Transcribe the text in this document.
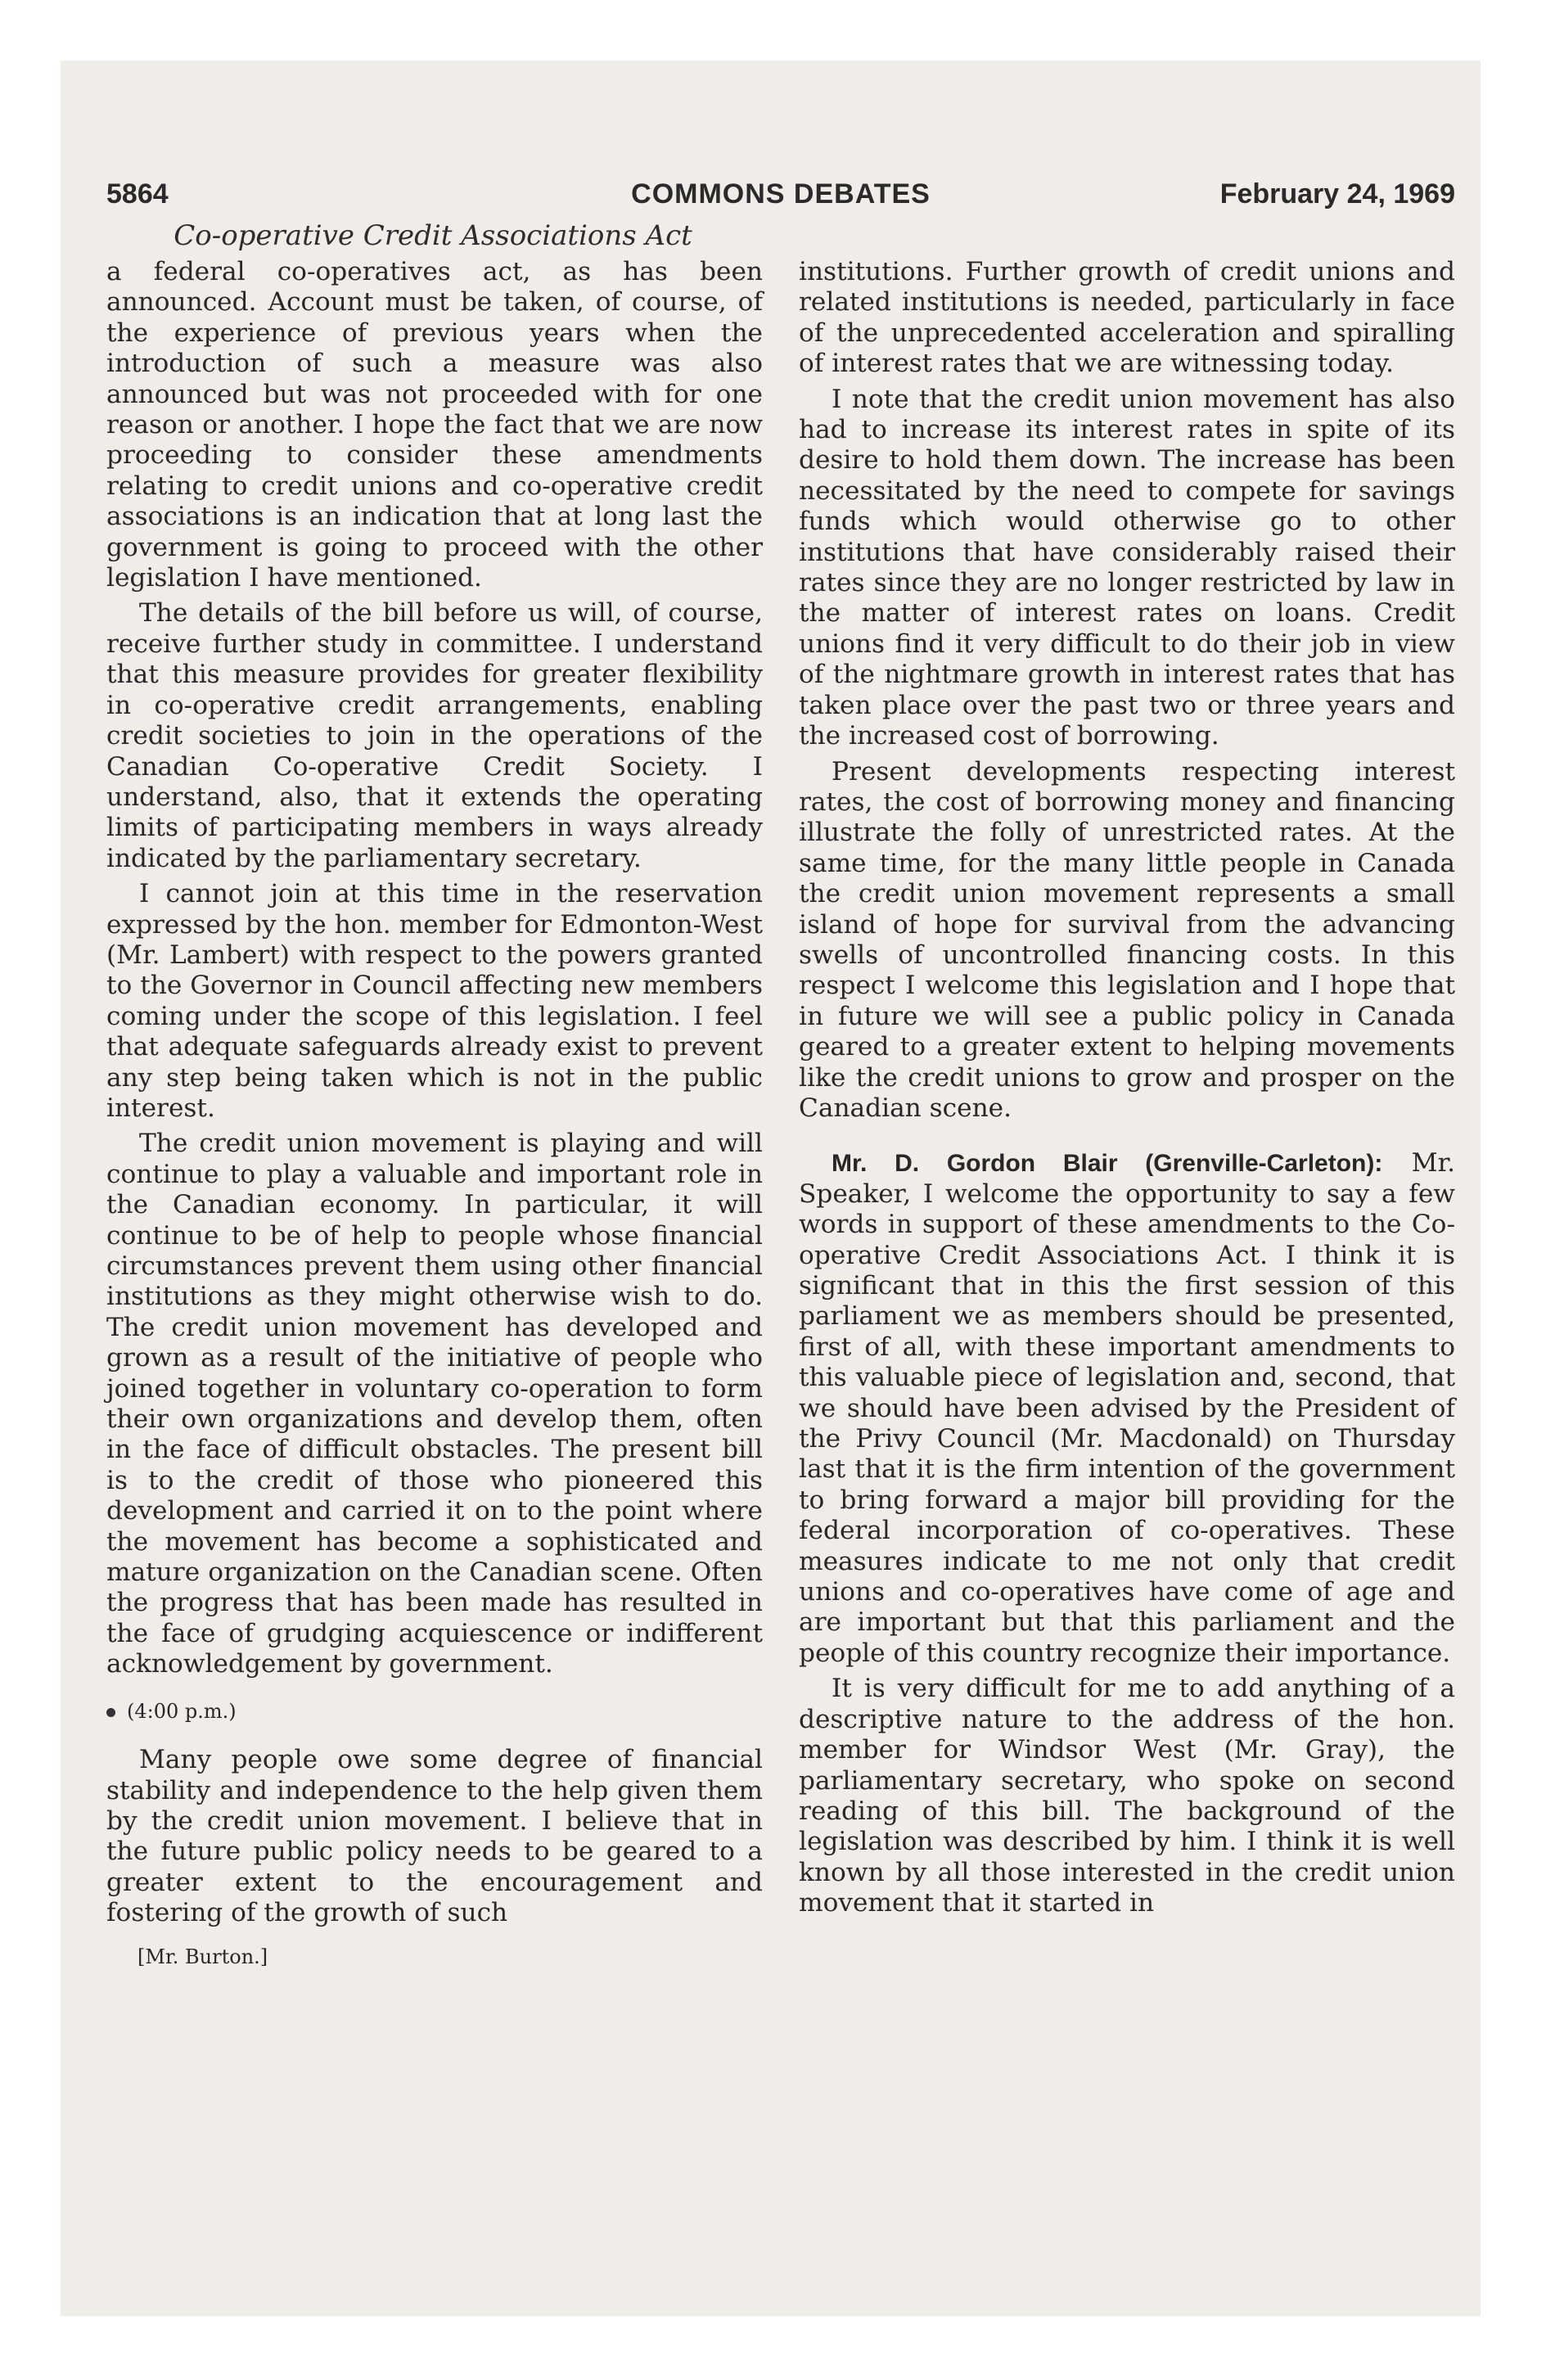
5864	COMMONS DEBATES	February 24, 1969
Co-operative Credit Associations Act

a federal co-operatives act, as has been announced. Account must be taken, of course, of the experience of previous years when the introduction of such a measure was also announced but was not proceeded with for one reason or another. I hope the fact that we are now proceeding to consider these amendments relating to credit unions and co-operative credit associations is an indication that at long last the government is going to proceed with the other legislation I have mentioned.

The details of the bill before us will, of course, receive further study in committee. I understand that this measure provides for greater flexibility in co-operative credit arrangements, enabling credit societies to join in the operations of the Canadian Co-operative Credit Society. I understand, also, that it extends the operating limits of participating members in ways already indicated by the parliamentary secretary.

I cannot join at this time in the reservation expressed by the hon. member for Edmonton-West (Mr. Lambert) with respect to the powers granted to the Governor in Council affecting new members coming under the scope of this legislation. I feel that adequate safeguards already exist to prevent any step being taken which is not in the public interest.

The credit union movement is playing and will continue to play a valuable and important role in the Canadian economy. In particular, it will continue to be of help to people whose financial circumstances prevent them using other financial institutions as they might otherwise wish to do. The credit union movement has developed and grown as a result of the initiative of people who joined together in voluntary co-operation to form their own organizations and develop them, often in the face of difficult obstacles. The present bill is to the credit of those who pioneered this development and carried it on to the point where the movement has become a sophisticated and mature organization on the Canadian scene. Often the progress that has been made has resulted in the face of grudging acquiescence or indifferent acknowledgement by government.

(4:00 p.m.)

Many people owe some degree of financial stability and independence to the help given them by the credit union movement. I believe that in the future public policy needs to be geared to a greater extent to the encouragement and fostering of the growth of such

[Mr. Burton.]

institutions. Further growth of credit unions and related institutions is needed, particularly in face of the unprecedented acceleration and spiralling of interest rates that we are witnessing today.

I note that the credit union movement has also had to increase its interest rates in spite of its desire to hold them down. The increase has been necessitated by the need to compete for savings funds which would otherwise go to other institutions that have considerably raised their rates since they are no longer restricted by law in the matter of interest rates on loans. Credit unions find it very difficult to do their job in view of the nightmare growth in interest rates that has taken place over the past two or three years and the increased cost of borrowing.

Present developments respecting interest rates, the cost of borrowing money and financing illustrate the folly of unrestricted rates. At the same time, for the many little people in Canada the credit union movement represents a small island of hope for survival from the advancing swells of uncontrolled financing costs. In this respect I welcome this legislation and I hope that in future we will see a public policy in Canada geared to a greater extent to helping movements like the credit unions to grow and prosper on the Canadian scene.

Mr. D. Gordon Blair (Grenville-Carleton): Mr. Speaker, I welcome the opportunity to say a few words in support of these amendments to the Co-operative Credit Associations Act. I think it is significant that in this the first session of this parliament we as members should be presented, first of all, with these important amendments to this valuable piece of legislation and, second, that we should have been advised by the President of the Privy Council (Mr. Macdonald) on Thursday last that it is the firm intention of the government to bring forward a major bill providing for the federal incorporation of co-operatives. These measures indicate to me not only that credit unions and co-operatives have come of age and are important but that this parliament and the people of this country recognize their importance.

It is very difficult for me to add anything of a descriptive nature to the address of the hon. member for Windsor West (Mr. Gray), the parliamentary secretary, who spoke on second reading of this bill. The background of the legislation was described by him. I think it is well known by all those interested in the credit union movement that it started in
